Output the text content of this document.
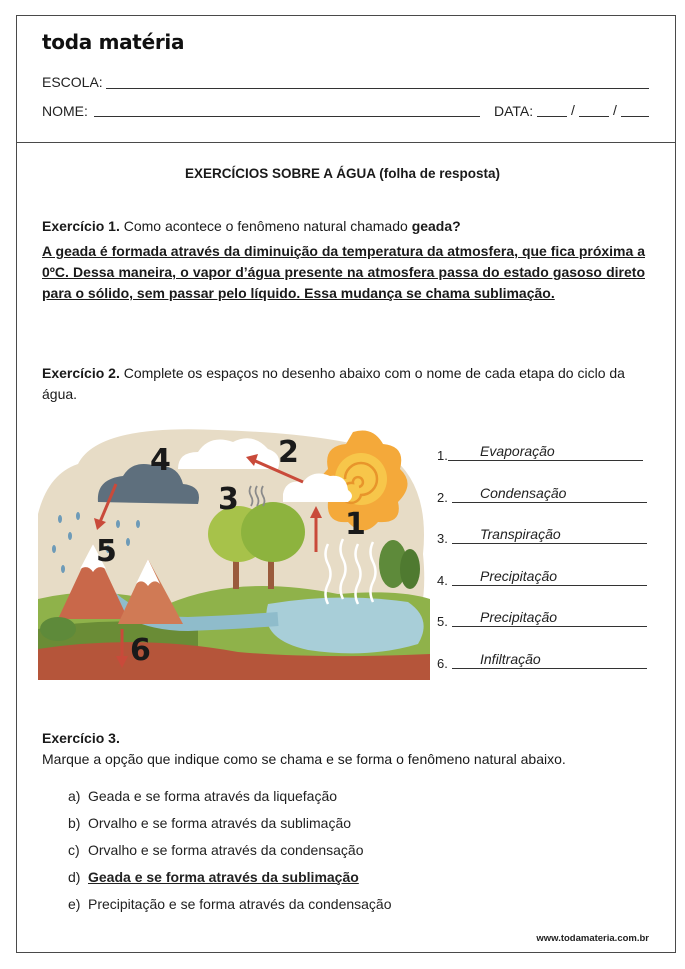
toda matéria
ESCOLA:
NOME:	DATA:	/	/
EXERCÍCIOS SOBRE A ÁGUA (folha de resposta)
Exercício 1. Como acontece o fenômeno natural chamado geada?
A geada é formada através da diminuição da temperatura da atmosfera, que fica próxima a 0ºC. Dessa maneira, o vapor d’água presente na atmosfera passa do estado gasoso direto para o sólido, sem passar pelo líquido. Essa mudança se chama sublimação.
Exercício 2. Complete os espaços no desenho abaixo com o nome de cada etapa do ciclo da água.
1
2
3
4
5
6
1. Evaporação
2. Condensação
3. Transpiração
4. Precipitação
5. Precipitação
6. Infiltração
Exercício 3.
Marque a opção que indique como se chama e se forma o fenômeno natural abaixo.
a) Geada e se forma através da liquefação
b) Orvalho e se forma através da sublimação
c) Orvalho e se forma através da condensação
d) Geada e se forma através da sublimação
e) Precipitação e se forma através da condensação
www.todamateria.com.br
